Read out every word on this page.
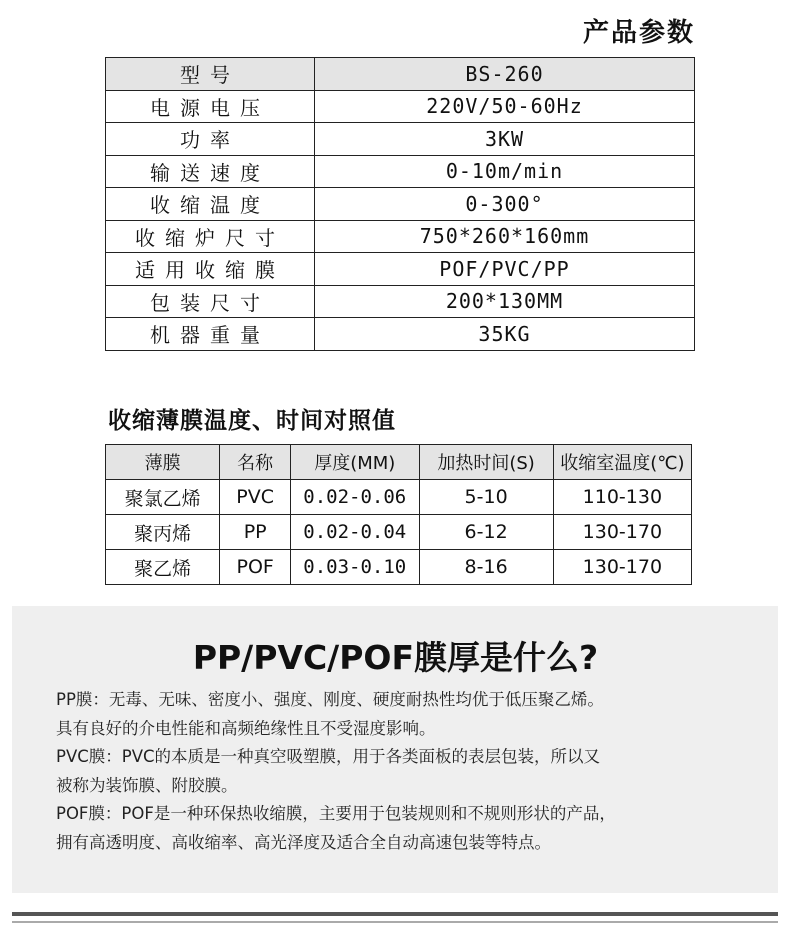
产品参数
型号	BS-260
电源电压	220V/50-60Hz
功率	3KW
输送速度	0-10m/min
收缩温度	0-300°
收缩炉尺寸	750*260*160mm
适用收缩膜	POF/PVC/PP
包装尺寸	200*130MM
机器重量	35KG
收缩薄膜温度、时间对照值
薄膜	名称	厚度(MM)	加热时间(S)	收缩室温度(℃)
聚氯乙烯	PVC	0.02-0.06	5-10	110-130
聚丙烯	PP	0.02-0.04	6-12	130-170
聚乙烯	POF	0.03-0.10	8-16	130-170
PP/PVC/POF膜厚是什么?

PP膜：无毒、无味、密度小、强度、刚度、硬度耐热性均优于低压聚乙烯。

具有良好的介电性能和高频绝缘性且不受湿度影响。

PVC膜：PVC的本质是一种真空吸塑膜，用于各类面板的表层包装，所以又

被称为装饰膜、附胶膜。

POF膜：POF是一种环保热收缩膜，主要用于包装规则和不规则形状的产品，

拥有高透明度、高收缩率、高光泽度及适合全自动高速包装等特点。
